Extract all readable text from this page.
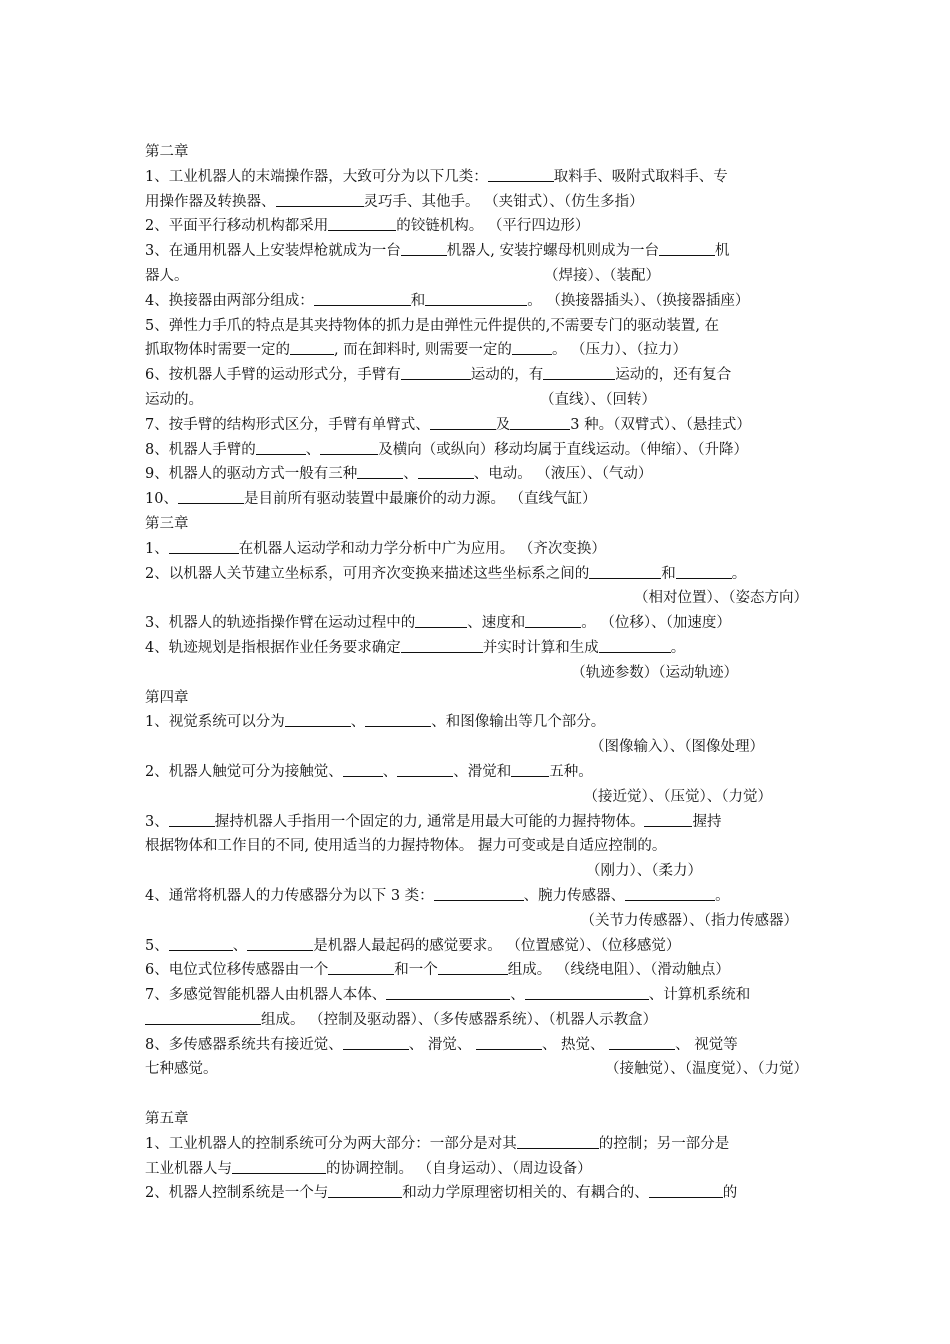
第二章
1、工业机器人的末端操作器，大致可分为以下几类：	取料手、吸附式取料手、专
用操作器及转换器、	灵巧手、其他手。 （夹钳式）、（仿生多指）
2、平面平行移动机构都采用	的铰链机构。 （平行四边形）
3、在通用机器人上安装焊枪就成为一台	机器人, 安装拧螺母机则成为一台	机
器人。	（焊接）、（装配）
4、换接器由两部分组成：	和	。 （换接器插头）、（换接器插座）
5、弹性力手爪的特点是其夹持物体的抓力是由弹性元件提供的,不需要专门的驱动装置, 在
抓取物体时需要一定的	, 而在卸料时, 则需要一定的	。 （压力）、（拉力）
6、按机器人手臂的运动形式分，手臂有	运动的，有	运动的，还有复合
运动的。	（直线）、（回转）
7、按手臂的结构形式区分，手臂有单臂式、	及	3 种。（双臂式）、（悬挂式）
8、机器人手臂的	、	及横向（或纵向）移动均属于直线运动。（伸缩）、（升降）
9、机器人的驱动方式一般有三种	、	、电动。 （液压）、（气动）
10、	是目前所有驱动装置中最廉价的动力源。 （直线气缸）
第三章
1、	在机器人运动学和动力学分析中广为应用。 （齐次变换）
2、以机器人关节建立坐标系，可用齐次变换来描述这些坐标系之间的	和	。
（相对位置）、（姿态方向）
3、机器人的轨迹指操作臂在运动过程中的	、速度和	。 （位移）、（加速度）
4、轨迹规划是指根据作业任务要求确定	并实时计算和生成	。
（轨迹参数）（运动轨迹）
第四章
1、视觉系统可以分为	、	、和图像输出等几个部分。
（图像输入）、（图像处理）
2、机器人触觉可分为接触觉、	、	、滑觉和	五种。
（接近觉）、（压觉）、（力觉）
3、	握持机器人手指用一个固定的力, 通常是用最大可能的力握持物体。	握持
根据物体和工作目的不同, 使用适当的力握持物体。 握力可变或是自适应控制的。
（刚力）、（柔力）
4、通常将机器人的力传感器分为以下 3 类：	、腕力传感器、	。
（关节力传感器）、（指力传感器）
5、	、	是机器人最起码的感觉要求。 （位置感觉）、（位移感觉）
6、电位式位移传感器由一个	和一个	组成。 （线绕电阻）、（滑动触点）
7、多感觉智能机器人由机器人本体、	、	、计算机系统和
组成。 （控制及驱动器）、（多传感器系统）、（机器人示教盒）
8、多传感器系统共有接近觉、	、 滑觉、	、 热觉、	、 视觉等
七种感觉。	（接触觉）、（温度觉）、（力觉）
第五章
1、工业机器人的控制系统可分为两大部分：一部分是对其	的控制；另一部分是
工业机器人与	的协调控制。 （自身运动）、（周边设备）
2、机器人控制系统是一个与	和动力学原理密切相关的、有耦合的、	的
